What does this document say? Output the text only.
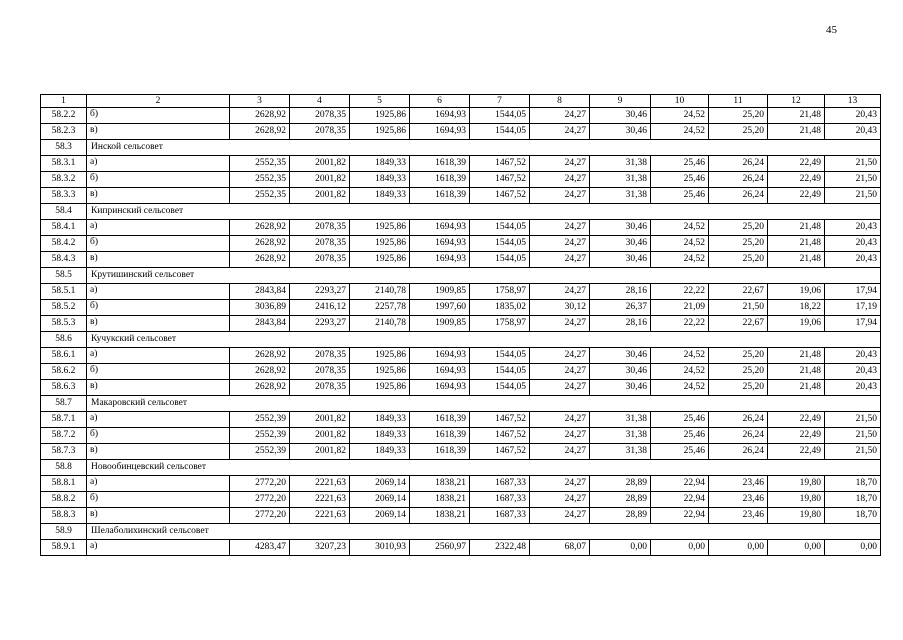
45
1	2	3	4	5	6	7	8	9	10	11	12	13
58.2.2	б)	2628,92	2078,35	1925,86	1694,93	1544,05	24,27	30,46	24,52	25,20	21,48	20,43
58.2.3	в)	2628,92	2078,35	1925,86	1694,93	1544,05	24,27	30,46	24,52	25,20	21,48	20,43
58.3	Инской сельсовет											
58.3.1	а)	2552,35	2001,82	1849,33	1618,39	1467,52	24,27	31,38	25,46	26,24	22,49	21,50
58.3.2	б)	2552,35	2001,82	1849,33	1618,39	1467,52	24,27	31,38	25,46	26,24	22,49	21,50
58.3.3	в)	2552,35	2001,82	1849,33	1618,39	1467,52	24,27	31,38	25,46	26,24	22,49	21,50
58.4	Кипринский сельсовет											
58.4.1	а)	2628,92	2078,35	1925,86	1694,93	1544,05	24,27	30,46	24,52	25,20	21,48	20,43
58.4.2	б)	2628,92	2078,35	1925,86	1694,93	1544,05	24,27	30,46	24,52	25,20	21,48	20,43
58.4.3	в)	2628,92	2078,35	1925,86	1694,93	1544,05	24,27	30,46	24,52	25,20	21,48	20,43
58.5	Крутишинский сельсовет											
58.5.1	а)	2843,84	2293,27	2140,78	1909,85	1758,97	24,27	28,16	22,22	22,67	19,06	17,94
58.5.2	б)	3036,89	2416,12	2257,78	1997,60	1835,02	30,12	26,37	21,09	21,50	18,22	17,19
58.5.3	в)	2843,84	2293,27	2140,78	1909,85	1758,97	24,27	28,16	22,22	22,67	19,06	17,94
58.6	Кучукский сельсовет											
58.6.1	а)	2628,92	2078,35	1925,86	1694,93	1544,05	24,27	30,46	24,52	25,20	21,48	20,43
58.6.2	б)	2628,92	2078,35	1925,86	1694,93	1544,05	24,27	30,46	24,52	25,20	21,48	20,43
58.6.3	в)	2628,92	2078,35	1925,86	1694,93	1544,05	24,27	30,46	24,52	25,20	21,48	20,43
58.7	Макаровский сельсовет											
58.7.1	а)	2552,39	2001,82	1849,33	1618,39	1467,52	24,27	31,38	25,46	26,24	22,49	21,50
58.7.2	б)	2552,39	2001,82	1849,33	1618,39	1467,52	24,27	31,38	25,46	26,24	22,49	21,50
58.7.3	в)	2552,39	2001,82	1849,33	1618,39	1467,52	24,27	31,38	25,46	26,24	22,49	21,50
58.8	Новообинцевский сельсовет											
58.8.1	а)	2772,20	2221,63	2069,14	1838,21	1687,33	24,27	28,89	22,94	23,46	19,80	18,70
58.8.2	б)	2772,20	2221,63	2069,14	1838,21	1687,33	24,27	28,89	22,94	23,46	19,80	18,70
58.8.3	в)	2772,20	2221,63	2069,14	1838,21	1687,33	24,27	28,89	22,94	23,46	19,80	18,70
58.9	Шелаболихинский сельсовет											
58.9.1	а)	4283,47	3207,23	3010,93	2560,97	2322,48	68,07	0,00	0,00	0,00	0,00	0,00
